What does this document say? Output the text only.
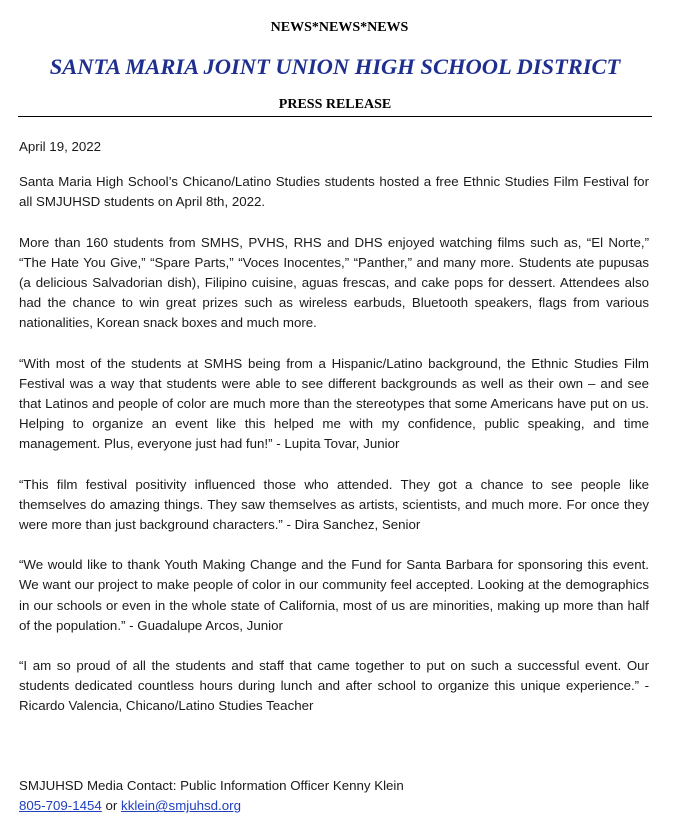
NEWS*NEWS*NEWS
SANTA MARIA JOINT UNION HIGH SCHOOL DISTRICT
PRESS RELEASE

April 19, 2022

Santa Maria High School’s Chicano/Latino Studies students hosted a free Ethnic Studies Film Festival for all SMJUHSD students on April 8th, 2022.

More than 160 students from SMHS, PVHS, RHS and DHS enjoyed watching films such as, “El Norte,” “The Hate You Give,” “Spare Parts,” “Voces Inocentes,” “Panther,” and many more. Students ate pupusas (a delicious Salvadorian dish), Filipino cuisine, aguas frescas, and cake pops for dessert. Attendees also had the chance to win great prizes such as wireless earbuds, Bluetooth speakers, flags from various nationalities, Korean snack boxes and much more.

“With most of the students at SMHS being from a Hispanic/Latino background, the Ethnic Studies Film Festival was a way that students were able to see different backgrounds as well as their own – and see that Latinos and people of color are much more than the stereotypes that some Americans have put on us. Helping to organize an event like this helped me with my confidence, public speaking, and time management. Plus, everyone just had fun!” - Lupita Tovar, Junior

“This film festival positivity influenced those who attended. They got a chance to see people like themselves do amazing things. They saw themselves as artists, scientists, and much more. For once they were more than just background characters.” - Dira Sanchez, Senior

“We would like to thank Youth Making Change and the Fund for Santa Barbara for sponsoring this event. We want our project to make people of color in our community feel accepted. Looking at the demographics in our schools or even in the whole state of California, most of us are minorities, making up more than half of the population.” - Guadalupe Arcos, Junior

“I am so proud of all the students and staff that came together to put on such a successful event. Our students dedicated countless hours during lunch and after school to organize this unique experience.” - Ricardo Valencia, Chicano/Latino Studies Teacher

SMJUHSD Media Contact: Public Information Officer Kenny Klein
805-709-1454 or kklein@smjuhsd.org
